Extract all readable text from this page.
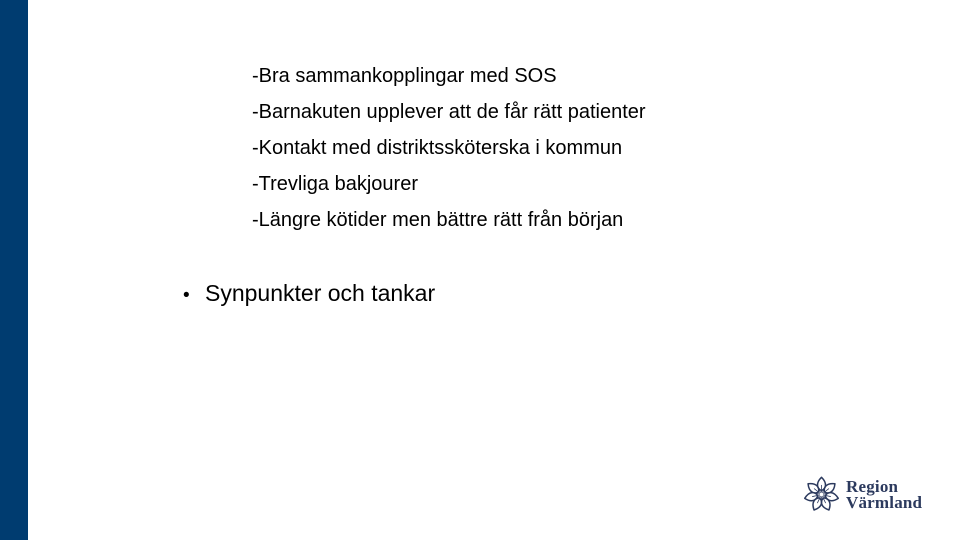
-Bra sammankopplingar med SOS

-Barnakuten upplever att de får rätt patienter

-Kontakt med distriktssköterska i kommun

-Trevliga bakjourer

-Längre kötider men bättre rätt från början

• Synpunkter och tankar
Region
Värmland
